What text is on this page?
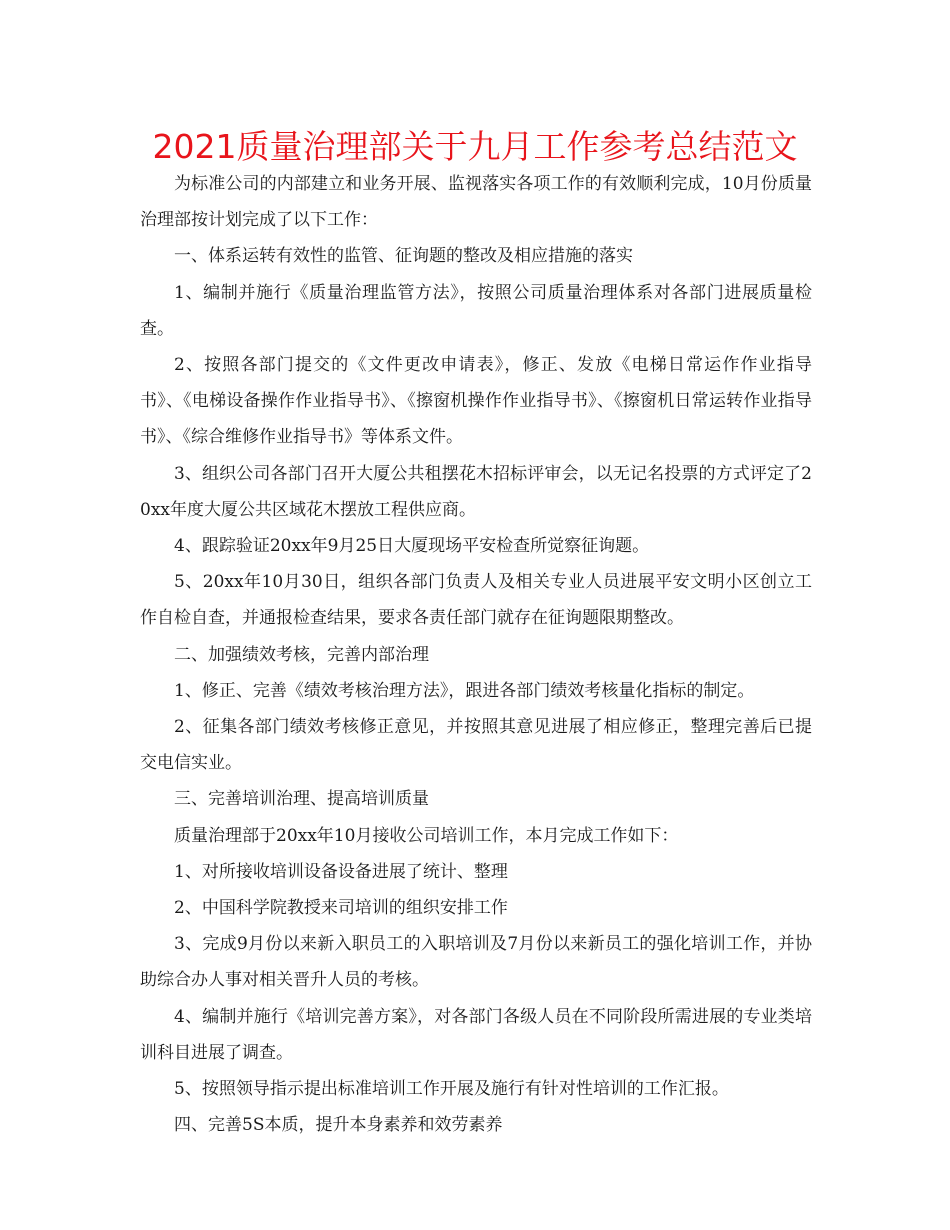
2021质量治理部关于九月工作参考总结范文

为标准公司的内部建立和业务开展、监视落实各项工作的有效顺利完成，10月份质量治理部按计划完成了以下工作：

一、体系运转有效性的监管、征询题的整改及相应措施的落实

1、编制并施行《质量治理监管方法》，按照公司质量治理体系对各部门进展质量检查。

2、按照各部门提交的《文件更改申请表》，修正、发放《电梯日常运作作业指导书》、《电梯设备操作作业指导书》、《擦窗机操作作业指导书》、《擦窗机日常运转作业指导书》、《综合维修作业指导书》等体系文件。

3、组织公司各部门召开大厦公共租摆花木招标评审会，以无记名投票的方式评定了20xx年度大厦公共区域花木摆放工程供应商。

4、跟踪验证20xx年9月25日大厦现场平安检查所觉察征询题。

5、20xx年10月30日，组织各部门负责人及相关专业人员进展平安文明小区创立工作自检自查，并通报检查结果，要求各责任部门就存在征询题限期整改。

二、加强绩效考核，完善内部治理

1、修正、完善《绩效考核治理方法》，跟进各部门绩效考核量化指标的制定。

2、征集各部门绩效考核修正意见，并按照其意见进展了相应修正，整理完善后已提交电信实业。

三、完善培训治理、提高培训质量

质量治理部于20xx年10月接收公司培训工作，本月完成工作如下：

1、对所接收培训设备设备进展了统计、整理

2、中国科学院教授来司培训的组织安排工作

3、完成9月份以来新入职员工的入职培训及7月份以来新员工的强化培训工作，并协助综合办人事对相关晋升人员的考核。

4、编制并施行《培训完善方案》，对各部门各级人员在不同阶段所需进展的专业类培训科目进展了调查。

5、按照领导指示提出标准培训工作开展及施行有针对性培训的工作汇报。

四、完善5S本质，提升本身素养和效劳素养
